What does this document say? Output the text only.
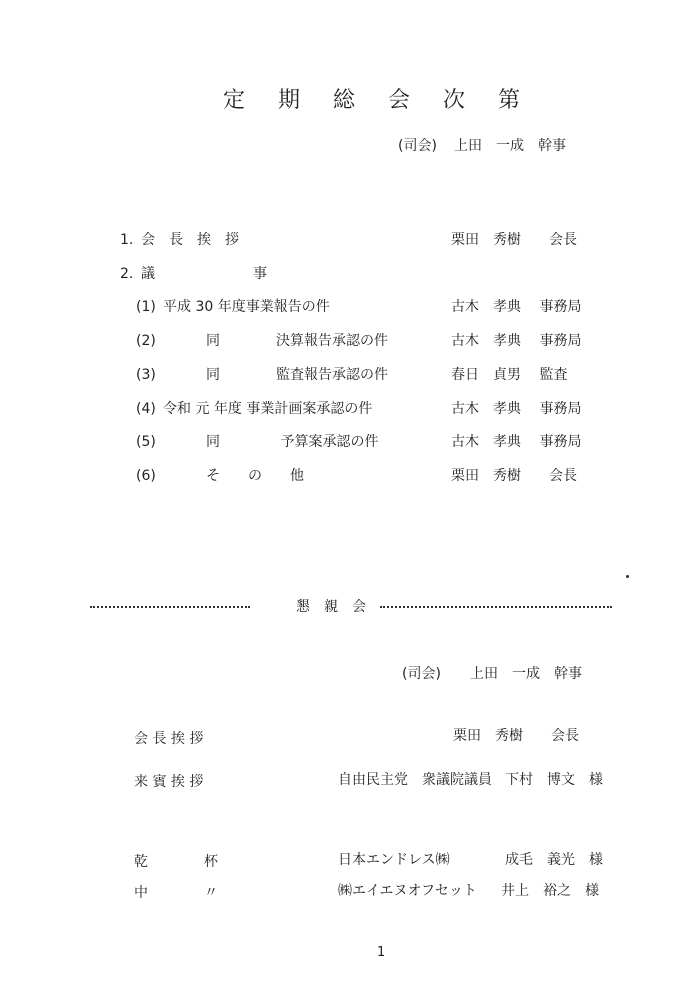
定 期 総 会 次 第
(司会) 上田　一成　幹事
1. 会　長　挨　拶	栗田　秀樹　　会長
2. 議　　　　　　　事
(1) 平成 30 年度事業報告の件	古木　孝典　 事務局
(2)	同　　　　決算報告承認の件	古木　孝典　 事務局
(3)	同　　　　監査報告承認の件	春日　貞男　 監査
(4) 令和 元 年度 事業計画案承認の件	古木　孝典　 事務局
(5)	同　　　　 予算案承認の件	古木　孝典　 事務局
(6)	そ　　の　　他	栗田　秀樹　　会長
懇　親　会
(司会) 上田　一成　幹事
会 長 挨 拶	栗田　秀樹　　会長
来 賓 挨 拶	自由民主党　衆議院議員 下村　博文　様
乾　　　　杯	日本エンドレス㈱	成毛　義光　様
中　　　　〃	㈱エイエヌオフセット 井上　裕之　様
1
